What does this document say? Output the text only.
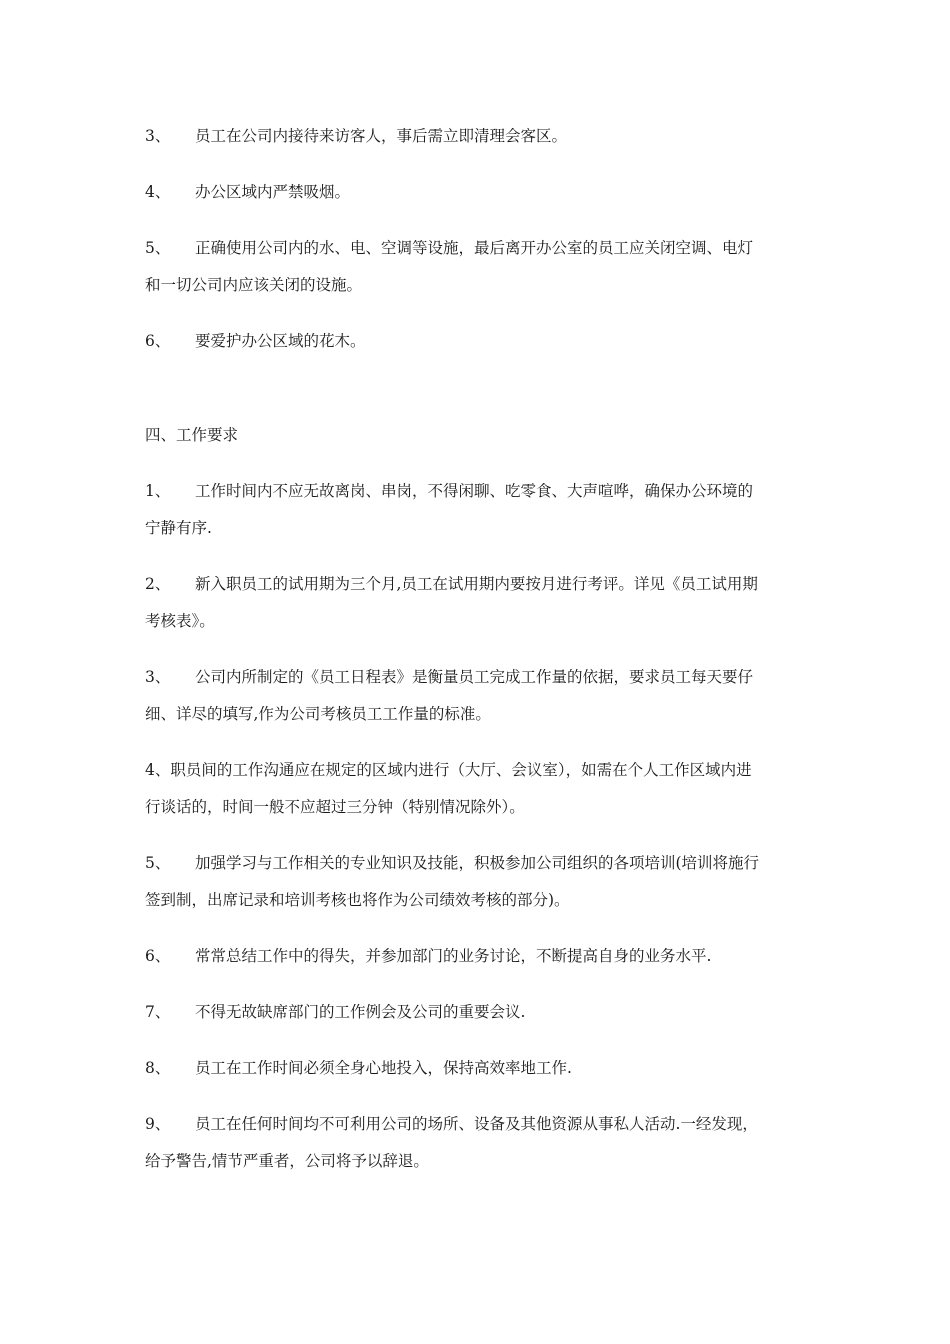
3、 员工在公司内接待来访客人，事后需立即清理会客区。
4、 办公区域内严禁吸烟。
5、 正确使用公司内的水、电、空调等设施，最后离开办公室的员工应关闭空调、电灯
和一切公司内应该关闭的设施。
6、 要爱护办公区域的花木。
四、工作要求
1、 工作时间内不应无故离岗、串岗，不得闲聊、吃零食、大声喧哗，确保办公环境的
宁静有序.
2、 新入职员工的试用期为三个月,员工在试用期内要按月进行考评。详见《员工试用期
考核表》。
3、 公司内所制定的《员工日程表》是衡量员工完成工作量的依据，要求员工每天要仔
细、详尽的填写,作为公司考核员工工作量的标准。
4、职员间的工作沟通应在规定的区域内进行（大厅、会议室），如需在个人工作区域内进
行谈话的，时间一般不应超过三分钟（特别情况除外）。
5、 加强学习与工作相关的专业知识及技能，积极参加公司组织的各项培训(培训将施行
签到制，出席记录和培训考核也将作为公司绩效考核的部分)。
6、 常常总结工作中的得失，并参加部门的业务讨论，不断提高自身的业务水平.
7、 不得无故缺席部门的工作例会及公司的重要会议.
8、 员工在工作时间必须全身心地投入，保持高效率地工作.
9、 员工在任何时间均不可利用公司的场所、设备及其他资源从事私人活动.一经发现，
给予警告,情节严重者，公司将予以辞退。
